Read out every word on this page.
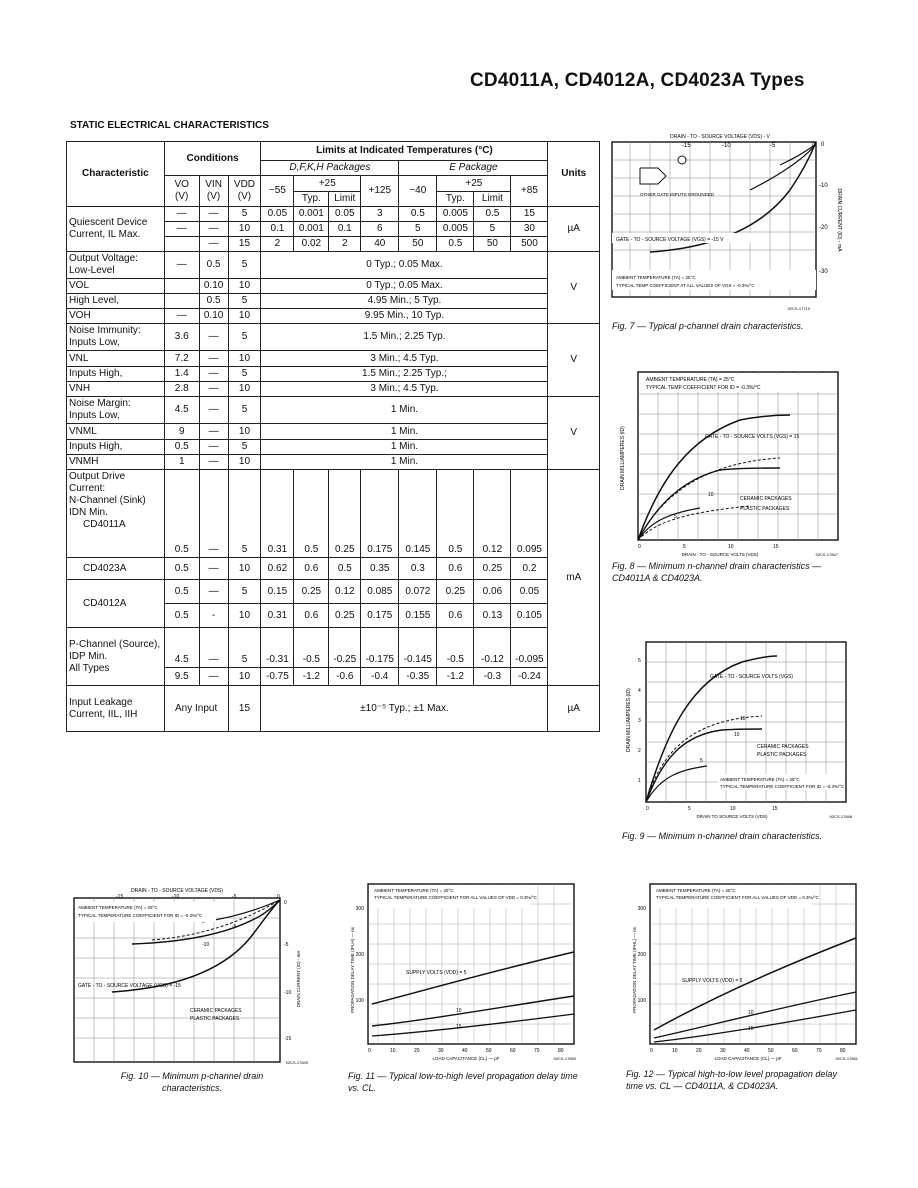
CD4011A, CD4012A, CD4023A Types
STATIC ELECTRICAL CHARACTERISTICS
Characteristic	Conditions			Limits at Indicated Temperatures (°C)								Units
				D,F,K,H Packages				E Package				
	VO (V)	VIN (V)	VDD (V)	−55	+25		+125	−40	+25		+85	
					Typ.	Limit			Typ.	Limit		
Quiescent Device Current, IL Max.	—	—	5	0.05	0.001	0.05	3	0.5	0.005	0.5	15	µA
	—	—	10	0.1	0.001	0.1	6	5	0.005	5	30	
		—	15	2	0.02	2	40	50	0.5	50	500	
Output Voltage:
Low-Level	—	0.5	5	0 Typ.; 0.05 Max.								V
VOL		0.10	10	0 Typ.; 0.05 Max.								
High Level,		0.5	5	4.95 Min.; 5 Typ.								
VOH	—	0.10	10	9.95 Min., 10 Typ.								
Noise Immunity:
Inputs Low,	3.6	—	5	1.5 Min.; 2.25 Typ.								V
VNL	7.2	—	10	3 Min.; 4.5 Typ.								
Inputs High,	1.4	—	5	1.5 Min.; 2.25 Typ.;								
VNH	2.8	—	10	3 Min.; 4.5 Typ.								
Noise Margin:
Inputs Low,	4.5	—	5	1 Min.								V
VNML	9	—	10	1 Min.								
Inputs High,	0.5	—	5	1 Min.								
VNMH	1	—	10	1 Min.								
Output Drive Current:
N-Channel (Sink)
IDN Min.
CD4011A	0.5	—	5	0.31	0.5	0.25	0.175	0.145	0.5	0.12	0.095	mA
CD4023A	0.5	—	10	0.62	0.6	0.5	0.35	0.3	0.6	0.25	0.2	
CD4012A	0.5	—	5	0.15	0.25	0.12	0.085	0.072	0.25	0.06	0.05	
	0.5	-	10	0.31	0.6	0.25	0.175	0.155	0.6	0.13	0.105	
P-Channel (Source),
IDP Min.
All Types	4.5	—	5	-0.31	-0.5	-0.25	-0.175	-0.145	-0.5	-0.12	-0.095	
	9.5	—	10	-0.75	-1.2	-0.6	-0.4	-0.35	-1.2	-0.3	-0.24	
Input Leakage Current, IIL, IIH	Any Input		15	±10⁻⁵ Typ.; ±1 Max.								µA
DRAIN - TO - SOURCE VOLTAGE (VDS) - V
-15	-10	-5	0 0
-10
-20
-30
DRAIN CURRENT (ID) - mA
GATE - TO - SOURCE VOLTAGE (VGS) = -15 V
OTHER GATE INPUTS GROUNDED
AMBIENT TEMPERATURE (TA) = 25°C
TYPICAL TEMP COEFFICIENT AT ALL VALUES OF VGS = -0.3%/°C
92CS-17710
Fig. 7 — Typical p-channel drain characteristics.
AMBIENT TEMPERATURE (TA) = 25°C
TYPICAL TEMP COEFFICIENT FOR ID = -0.3%/°C
GATE - TO - SOURCE VOLTS (VGS) = 15
10
5
CERAMIC PACKAGES
PLASTIC PACKAGES
0	5	10	15
DRAIN - TO - SOURCE VOLTS (VDS)
DRAIN MILLIAMPERES (ID)
92CS-17847
Fig. 8 — Minimum n-channel drain characteristics — CD4011A & CD4023A.
GATE - TO - SOURCE VOLTS (VGS)
15
10
5
CERAMIC PACKAGES
PLASTIC PACKAGES
AMBIENT TEMPERATURE (TA) = 25°C
TYPICAL TEMPERATURE COEFFICIENT FOR ID = -0.3%/°C
5
4
3
2
1
DRAIN MILLIAMPERES (ID)
0	5	10	15
DRAIN TO SOURCE VOLTS (VDS)	92CS-17848
Fig. 9 — Minimum n-channel drain characteristics.
DRAIN - TO - SOURCE VOLTAGE (VDS)
-15	-10	-5	0
AMBIENT TEMPERATURE (TA) = 25°C
TYPICAL TEMPERATURE COEFFICIENT FOR ID = -0.3%/°C
GATE - TO - SOURCE VOLTAGE (VGS) = -15
-10
-5
CERAMIC PACKAGES
PLASTIC PACKAGES
0
-5
-10
-15
DRAIN CURRENT (ID) - mA
92CS-17849
Fig. 10 — Minimum p-channel drain characteristics.
AMBIENT TEMPERATURE (TA) = 25°C
TYPICAL TEMPERATURE COEFFICIENT FOR ALL VALUES OF VDD = 0.3%/°C
SUPPLY VOLTS (VDD) = 5
10
15
300
200
100
PROPAGATION DELAY TIME (tPLH) — ns
0	10	20	30	40	50	60	70	80
LOAD CAPACITANCE (CL) — pF	92CS-17850
Fig. 11 — Typical low-to-high level propagation delay time vs. CL.
AMBIENT TEMPERATURE (TA) = 25°C
TYPICAL TEMPERATURE COEFFICIENT FOR ALL VALUES OF VDD = 0.3%/°C
SUPPLY VOLTS (VDD) = 5
10
15
300
200
100
PROPAGATION DELAY TIME (tPHL) — ns
0	10	20	30	40	50	60	70	80
LOAD CAPACITANCE (CL) — pF	92CS-17851
Fig. 12 — Typical high-to-low level propagation delay time vs. CL — CD4011A, & CD4023A.
